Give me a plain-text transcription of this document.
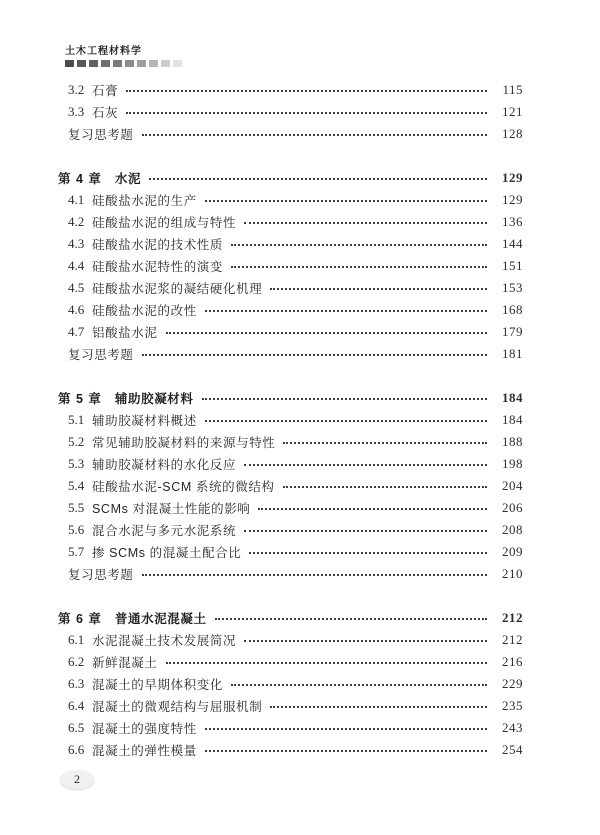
土木工程材料学
3.2 石膏	115
3.3 石灰	121
复习思考题	128
第 4 章 水泥	129
4.1 硅酸盐水泥的生产	129
4.2 硅酸盐水泥的组成与特性	136
4.3 硅酸盐水泥的技术性质	144
4.4 硅酸盐水泥特性的演变	151
4.5 硅酸盐水泥浆的凝结硬化机理	153
4.6 硅酸盐水泥的改性	168
4.7 铝酸盐水泥	179
复习思考题	181
第 5 章 辅助胶凝材料	184
5.1 辅助胶凝材料概述	184
5.2 常见辅助胶凝材料的来源与特性	188
5.3 辅助胶凝材料的水化反应	198
5.4 硅酸盐水泥-SCM 系统的微结构	204
5.5 SCMs 对混凝土性能的影响	206
5.6 混合水泥与多元水泥系统	208
5.7 掺 SCMs 的混凝土配合比	209
复习思考题	210
第 6 章 普通水泥混凝土	212
6.1 水泥混凝土技术发展简况	212
6.2 新鲜混凝土	216
6.3 混凝土的早期体积变化	229
6.4 混凝土的微观结构与屈服机制	235
6.5 混凝土的强度特性	243
6.6 混凝土的弹性模量	254
2
